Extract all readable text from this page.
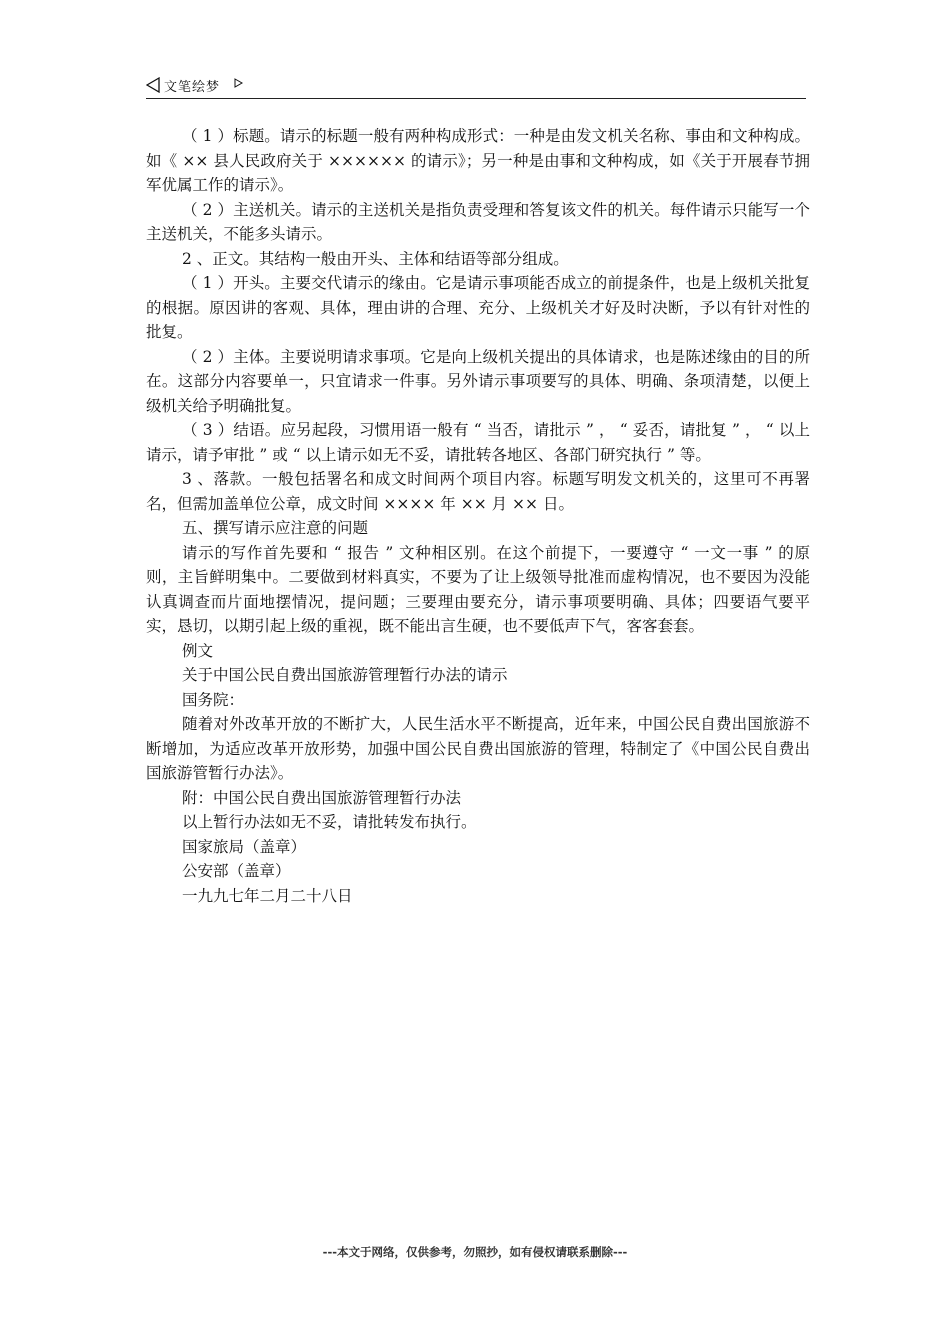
文笔绘梦

（ 1 ）标题。请示的标题一般有两种构成形式：一种是由发文机关名称、事由和文种构成。如《 ×× 县人民政府关于 ×××××× 的请示》；另一种是由事和文种构成，如《关于开展春节拥军优属工作的请示》。

（ 2 ）主送机关。请示的主送机关是指负责受理和答复该文件的机关。每件请示只能写一个主送机关，不能多头请示。

2 、正文。其结构一般由开头、主体和结语等部分组成。

（ 1 ）开头。主要交代请示的缘由。它是请示事项能否成立的前提条件，也是上级机关批复的根据。原因讲的客观、具体，理由讲的合理、充分、上级机关才好及时决断，予以有针对性的批复。

（ 2 ）主体。主要说明请求事项。它是向上级机关提出的具体请求，也是陈述缘由的目的所在。这部分内容要单一，只宜请求一件事。另外请示事项要写的具体、明确、条项清楚，以便上级机关给予明确批复。

（ 3 ）结语。应另起段，习惯用语一般有 “ 当否，请批示 ” ， “ 妥否，请批复 ” ， “ 以上请示，请予审批 ” 或 “ 以上请示如无不妥，请批转各地区、各部门研究执行 ” 等。

3 、落款。一般包括署名和成文时间两个项目内容。标题写明发文机关的，这里可不再署名，但需加盖单位公章，成文时间 ×××× 年 ×× 月 ×× 日。

五、撰写请示应注意的问题

请示的写作首先要和 “ 报告 ” 文种相区别。在这个前提下，一要遵守 “ 一文一事 ” 的原则，主旨鲜明集中。二要做到材料真实，不要为了让上级领导批准而虚构情况，也不要因为没能认真调查而片面地摆情况，提问题；三要理由要充分，请示事项要明确、具体；四要语气要平实，恳切，以期引起上级的重视，既不能出言生硬，也不要低声下气，客客套套。

例文

关于中国公民自费出国旅游管理暂行办法的请示

国务院：

随着对外改革开放的不断扩大，人民生活水平不断提高，近年来，中国公民自费出国旅游不断增加，为适应改革开放形势，加强中国公民自费出国旅游的管理，特制定了《中国公民自费出国旅游管暂行办法》。

附：中国公民自费出国旅游管理暂行办法

以上暂行办法如无不妥，请批转发布执行。

国家旅局（盖章）

公安部（盖章）

一九九七年二月二十八日

---本文于网络，仅供参考，勿照抄，如有侵权请联系删除---
